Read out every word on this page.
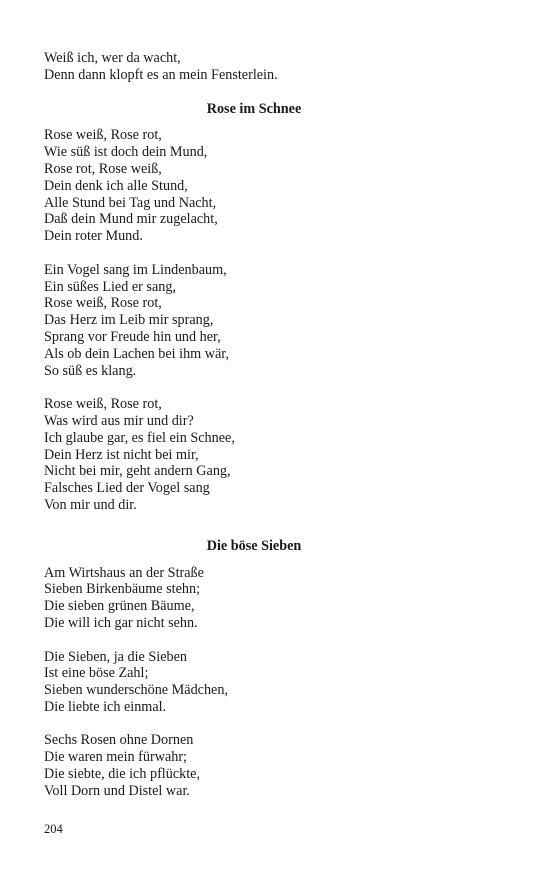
Weiß ich, wer da wacht,
Denn dann klopft es an mein Fensterlein.
Rose im Schnee
Rose weiß, Rose rot,
Wie süß ist doch dein Mund,
Rose rot, Rose weiß,
Dein denk ich alle Stund,
Alle Stund bei Tag und Nacht,
Daß dein Mund mir zugelacht,
Dein roter Mund.
Ein Vogel sang im Lindenbaum,
Ein süßes Lied er sang,
Rose weiß, Rose rot,
Das Herz im Leib mir sprang,
Sprang vor Freude hin und her,
Als ob dein Lachen bei ihm wär,
So süß es klang.
Rose weiß, Rose rot,
Was wird aus mir und dir?
Ich glaube gar, es fiel ein Schnee,
Dein Herz ist nicht bei mir,
Nicht bei mir, geht andern Gang,
Falsches Lied der Vogel sang
Von mir und dir.
Die böse Sieben
Am Wirtshaus an der Straße
Sieben Birkenbäume stehn;
Die sieben grünen Bäume,
Die will ich gar nicht sehn.
Die Sieben, ja die Sieben
Ist eine böse Zahl;
Sieben wunderschöne Mädchen,
Die liebte ich einmal.
Sechs Rosen ohne Dornen
Die waren mein fürwahr;
Die siebte, die ich pflückte,
Voll Dorn und Distel war.
204
